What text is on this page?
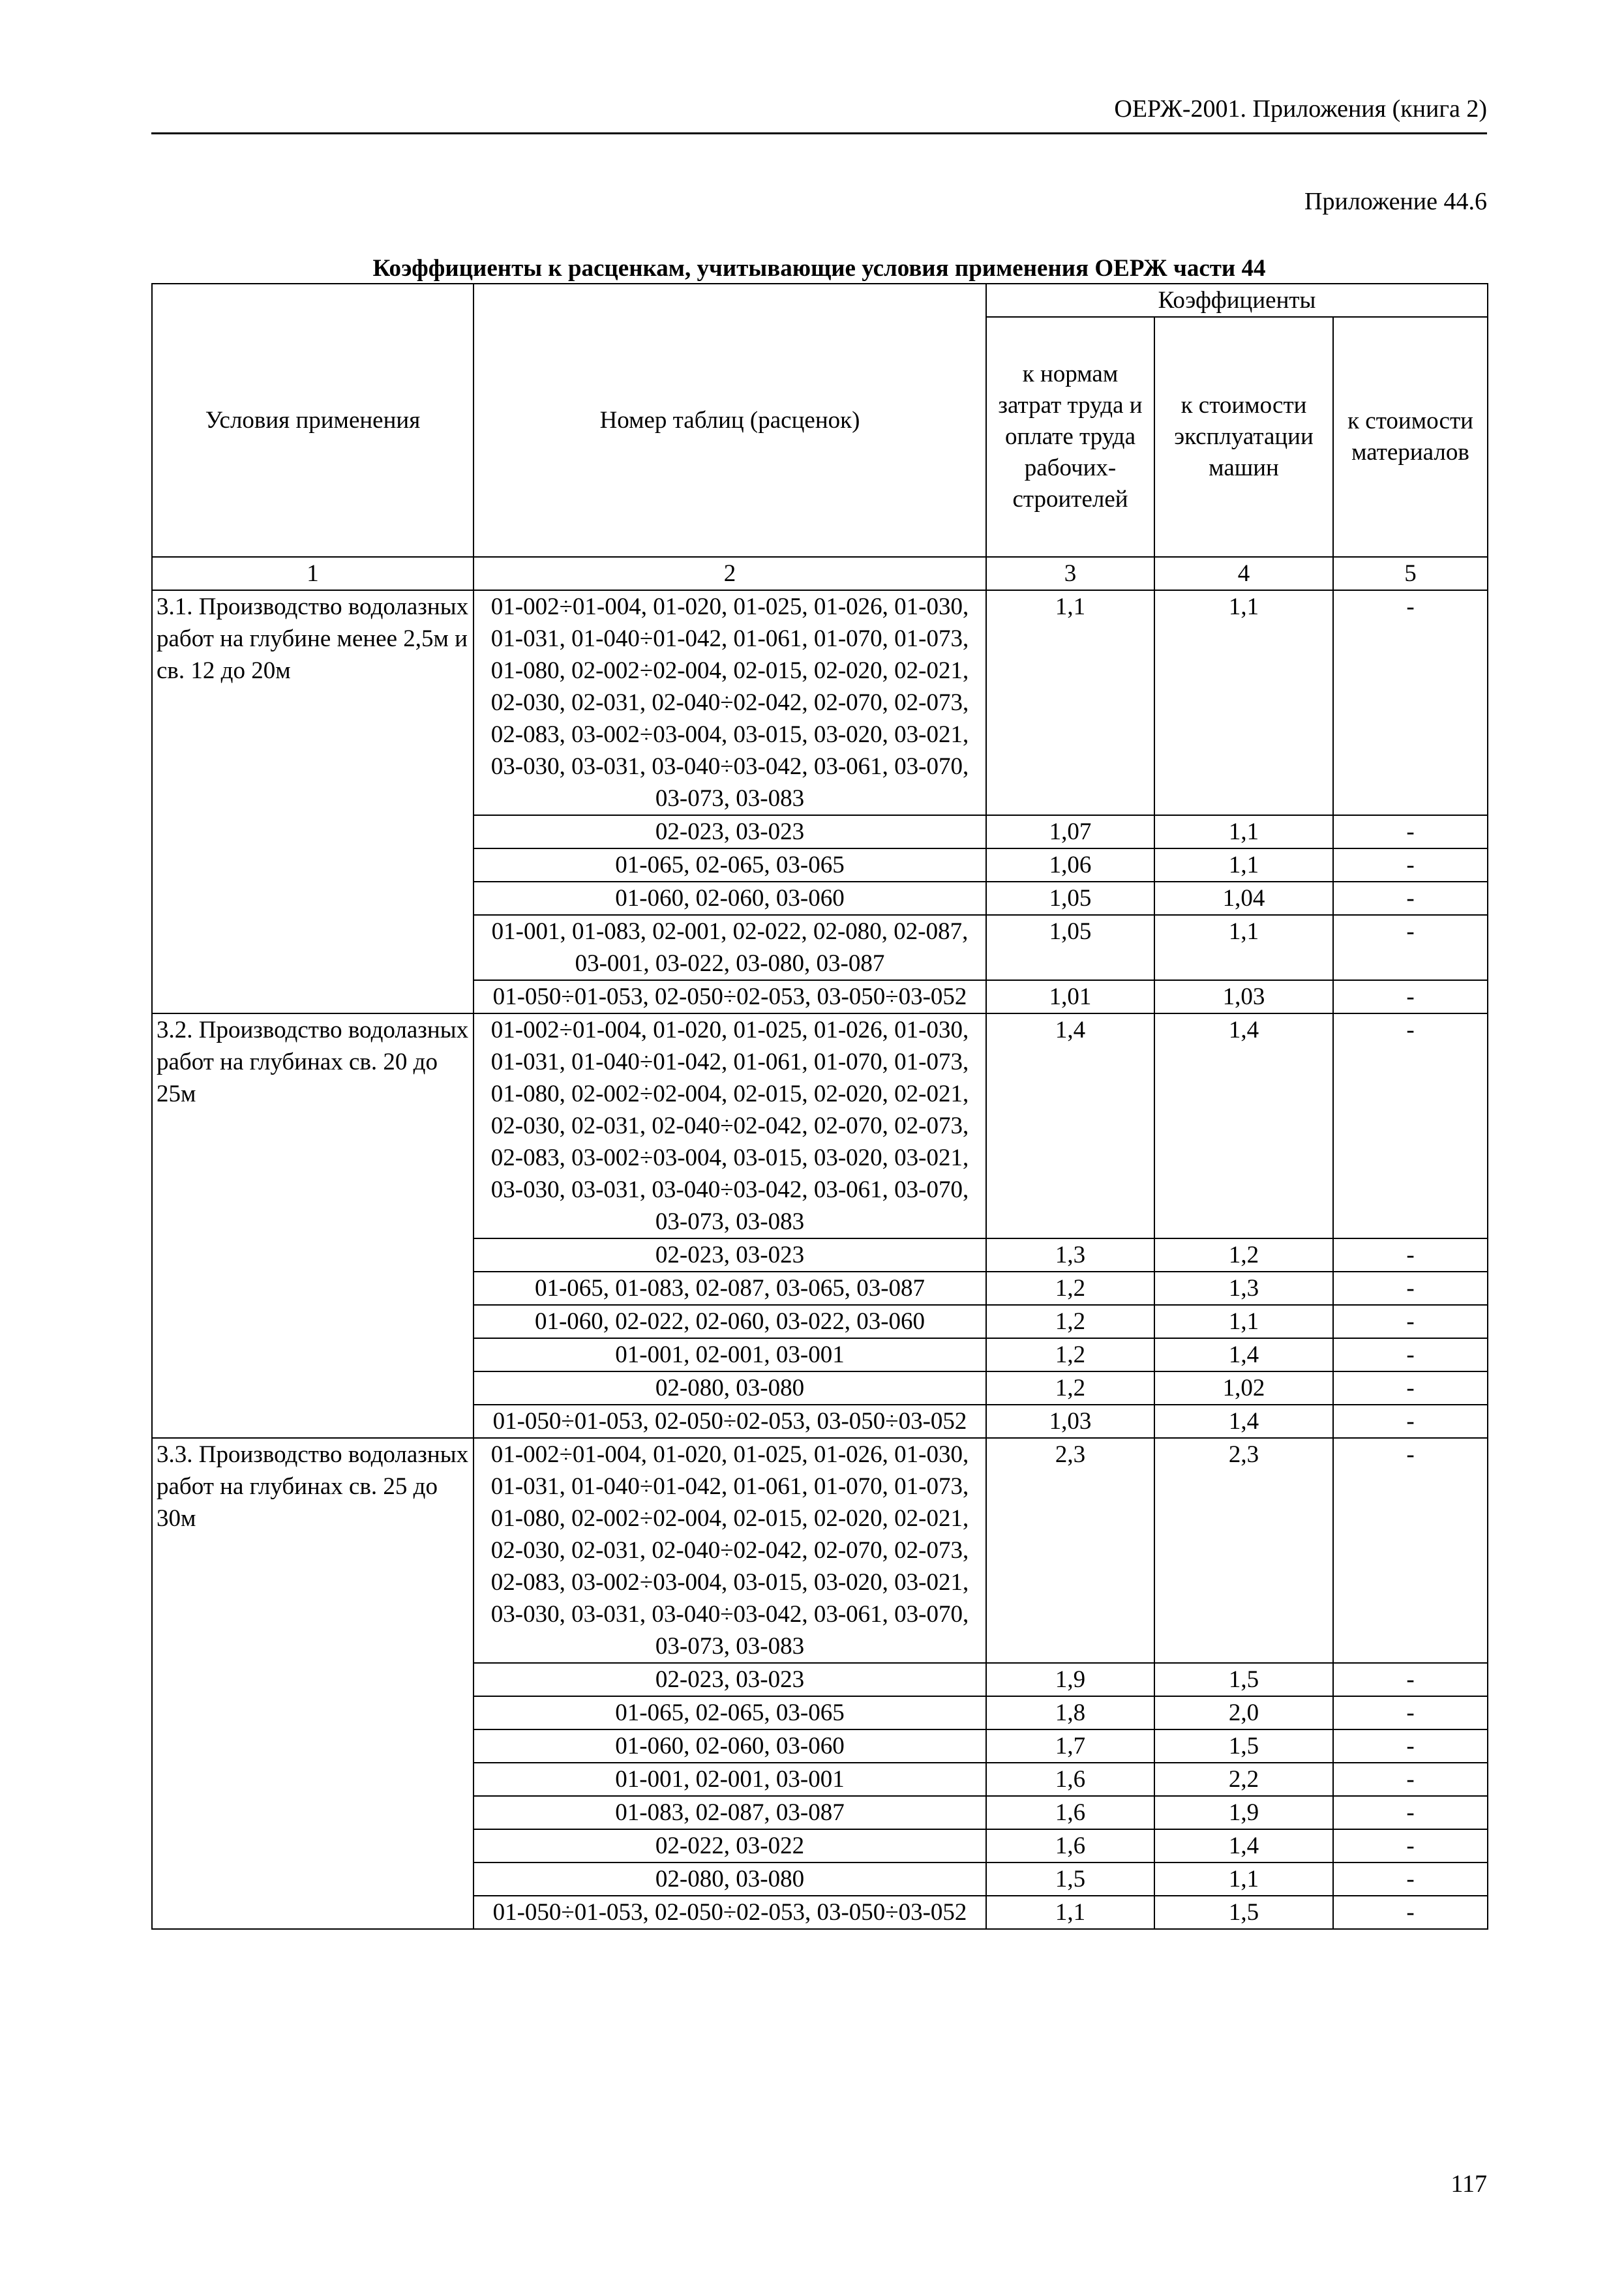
ОЕРЖ-2001. Приложения (книга 2)
Приложение 44.6
Коэффициенты к расценкам, учитывающие условия применения ОЕРЖ части 44
Условия применения	Номер таблиц (расценок)	Коэффициенты		
		к нормам затрат труда и оплате труда рабочих-строителей	к стоимости эксплуатации машин	к стоимости материалов
1	2	3	4	5
3.1. Производство водолазных работ на глубине менее 2,5м и св. 12 до 20м	01-002÷01-004, 01-020, 01-025, 01-026, 01-030, 01-031, 01-040÷01-042, 01-061, 01-070, 01-073, 01-080, 02-002÷02-004, 02-015, 02-020, 02-021, 02-030, 02-031, 02-040÷02-042, 02-070, 02-073, 02-083, 03-002÷03-004, 03-015, 03-020, 03-021, 03-030, 03-031, 03-040÷03-042, 03-061, 03-070, 03-073, 03-083	1,1	1,1	-
	02-023, 03-023	1,07	1,1	-
	01-065, 02-065, 03-065	1,06	1,1	-
	01-060, 02-060, 03-060	1,05	1,04	-
	01-001, 01-083, 02-001, 02-022, 02-080, 02-087, 03-001, 03-022, 03-080, 03-087	1,05	1,1	-
	01-050÷01-053, 02-050÷02-053, 03-050÷03-052	1,01	1,03	-
3.2. Производство водолазных работ на глубинах св. 20 до 25м	01-002÷01-004, 01-020, 01-025, 01-026, 01-030, 01-031, 01-040÷01-042, 01-061, 01-070, 01-073, 01-080, 02-002÷02-004, 02-015, 02-020, 02-021, 02-030, 02-031, 02-040÷02-042, 02-070, 02-073, 02-083, 03-002÷03-004, 03-015, 03-020, 03-021, 03-030, 03-031, 03-040÷03-042, 03-061, 03-070, 03-073, 03-083	1,4	1,4	-
	02-023, 03-023	1,3	1,2	-
	01-065, 01-083, 02-087, 03-065, 03-087	1,2	1,3	-
	01-060, 02-022, 02-060, 03-022, 03-060	1,2	1,1	-
	01-001, 02-001, 03-001	1,2	1,4	-
	02-080, 03-080	1,2	1,02	-
	01-050÷01-053, 02-050÷02-053, 03-050÷03-052	1,03	1,4	-
3.3. Производство водолазных работ на глубинах св. 25 до 30м	01-002÷01-004, 01-020, 01-025, 01-026, 01-030, 01-031, 01-040÷01-042, 01-061, 01-070, 01-073, 01-080, 02-002÷02-004, 02-015, 02-020, 02-021, 02-030, 02-031, 02-040÷02-042, 02-070, 02-073, 02-083, 03-002÷03-004, 03-015, 03-020, 03-021, 03-030, 03-031, 03-040÷03-042, 03-061, 03-070, 03-073, 03-083	2,3	2,3	-
	02-023, 03-023	1,9	1,5	-
	01-065, 02-065, 03-065	1,8	2,0	-
	01-060, 02-060, 03-060	1,7	1,5	-
	01-001, 02-001, 03-001	1,6	2,2	-
	01-083, 02-087, 03-087	1,6	1,9	-
	02-022, 03-022	1,6	1,4	-
	02-080, 03-080	1,5	1,1	-
	01-050÷01-053, 02-050÷02-053, 03-050÷03-052	1,1	1,5	-
117
